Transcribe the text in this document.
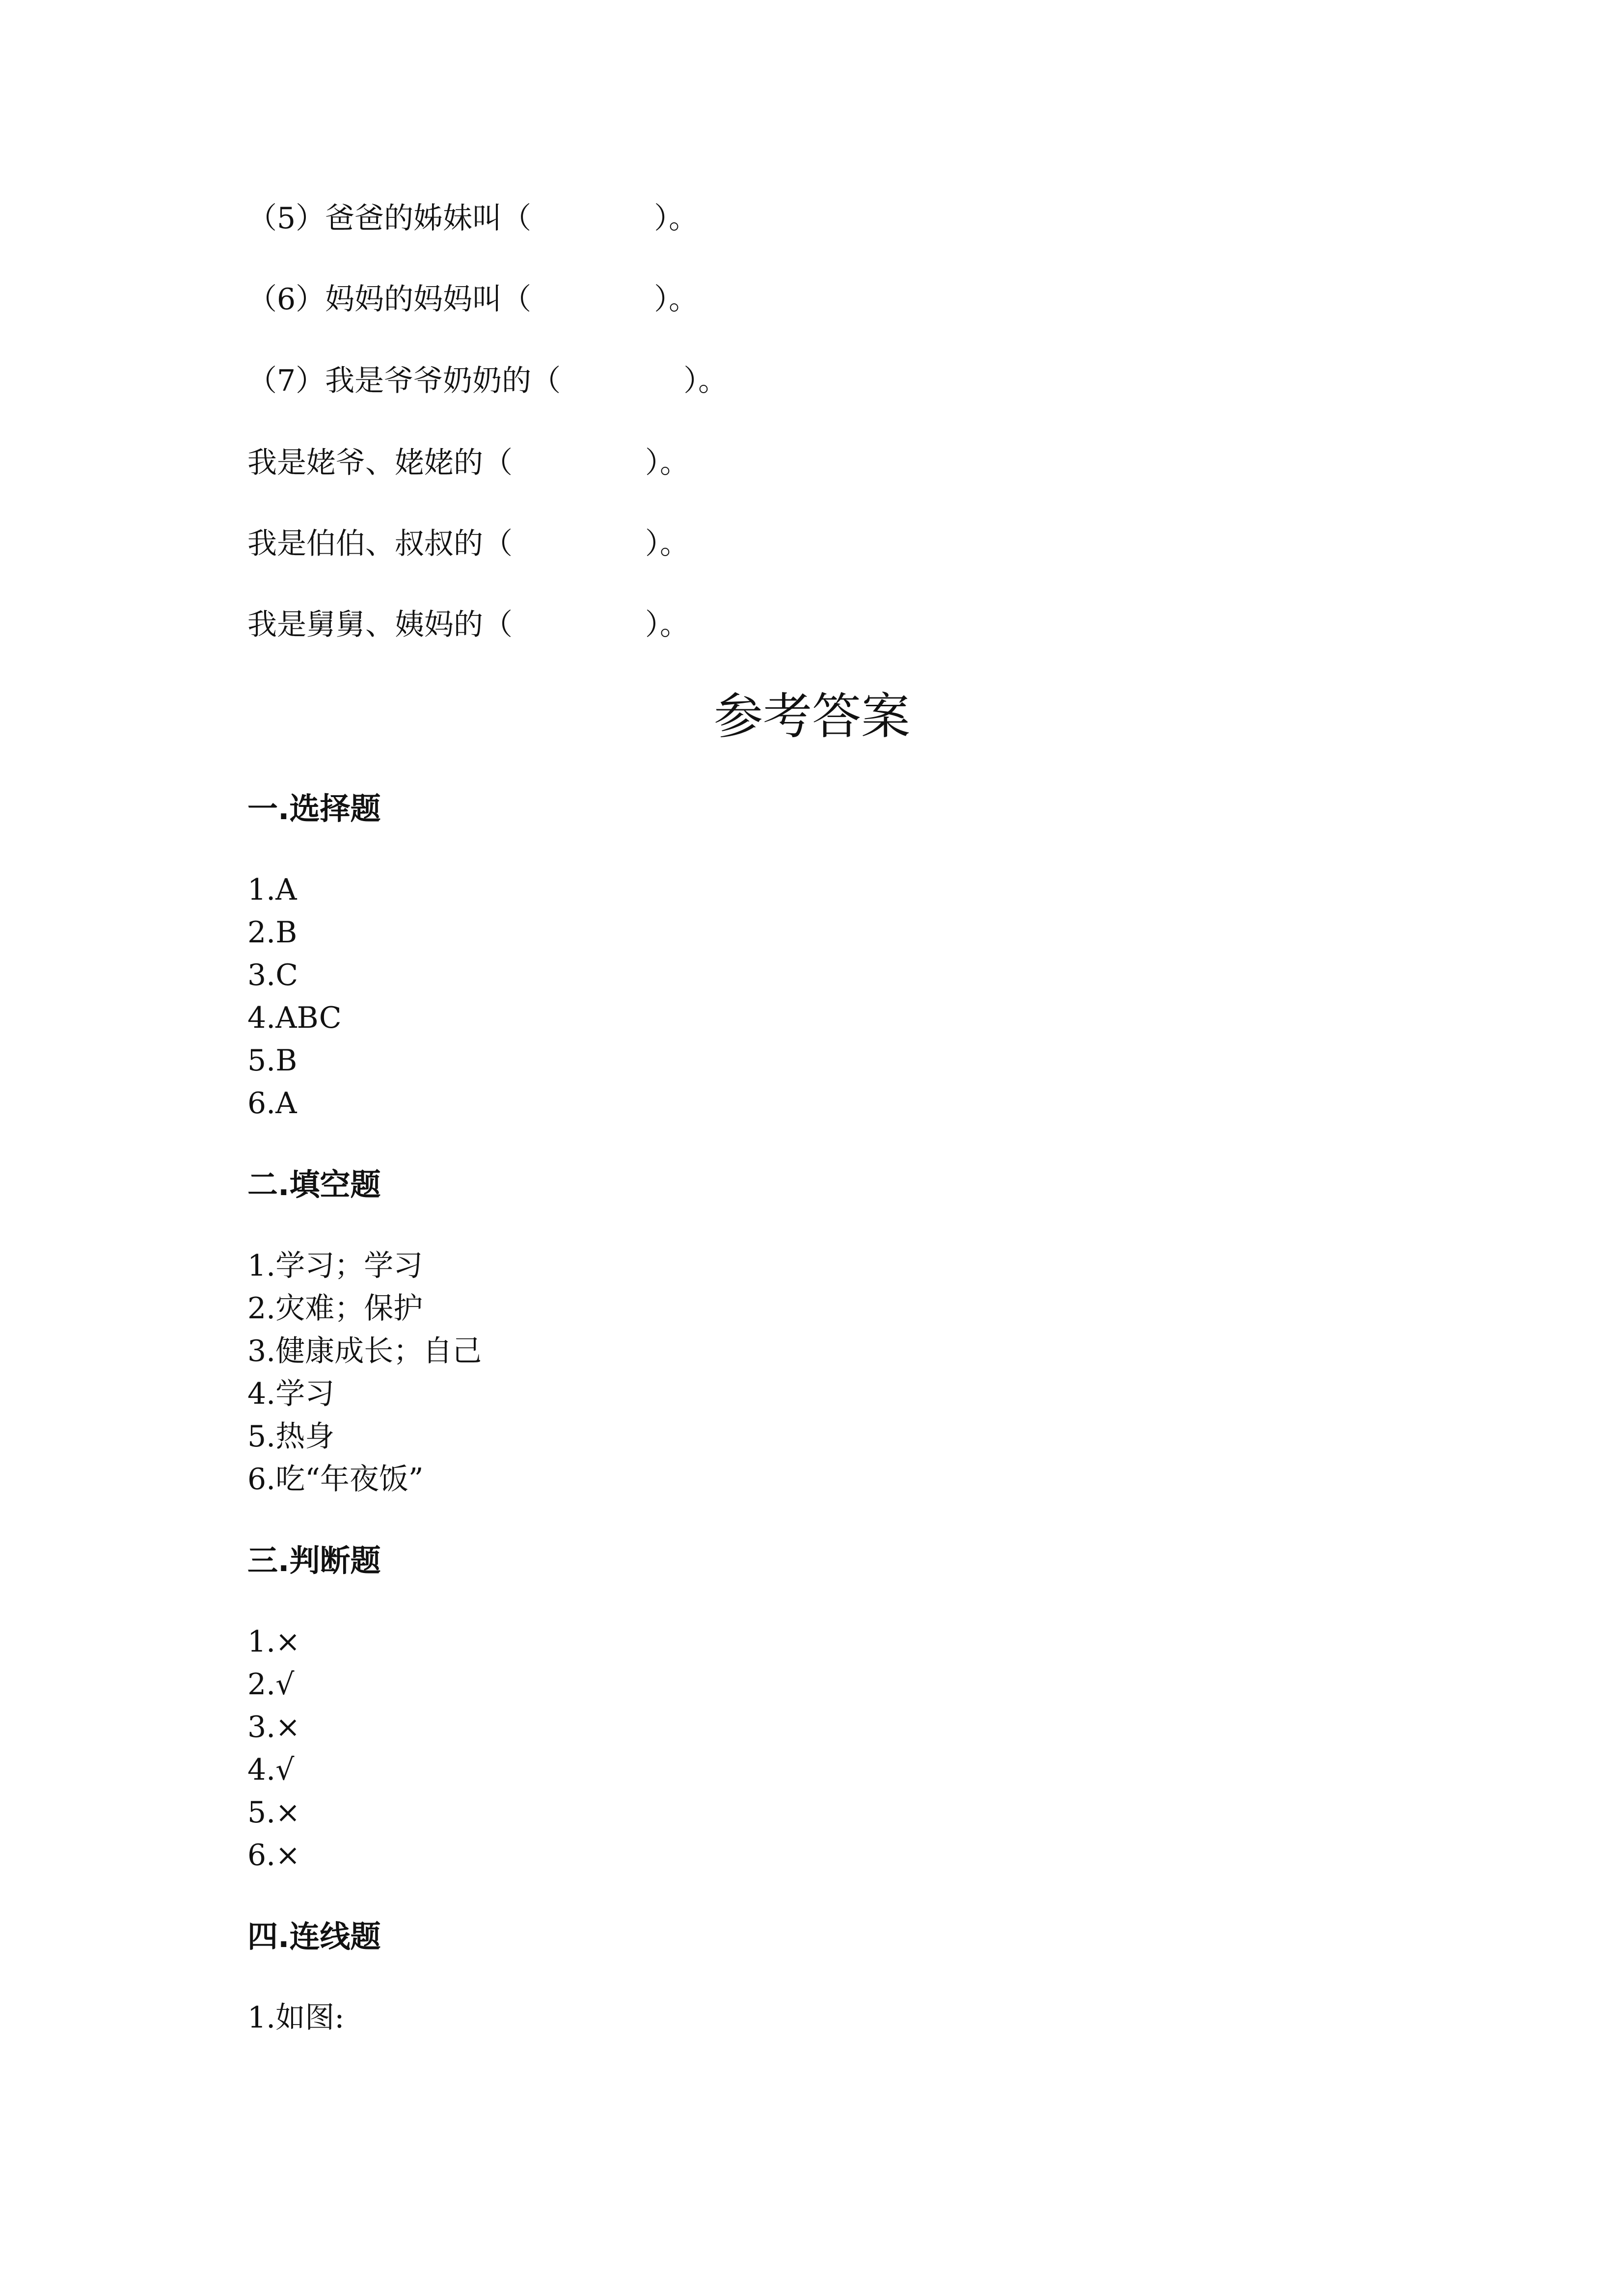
（5）爸爸的姊妹叫（	）。
（6）妈妈的妈妈叫（	）。
（7）我是爷爷奶奶的（	）。
我是姥爷、姥姥的（	）。
我是伯伯、叔叔的（	）。
我是舅舅、姨妈的（	）。
参考答案
一.选择题
1.A
2.B
3.C
4.ABC
5.B
6.A
二.填空题
1.学习；学习
2.灾难；保护
3.健康成长；自己
4.学习
5.热身
6.吃“年夜饭”
三.判断题
1.×
2.√
3.×
4.√
5.×
6.×
四.连线题
1.如图:
